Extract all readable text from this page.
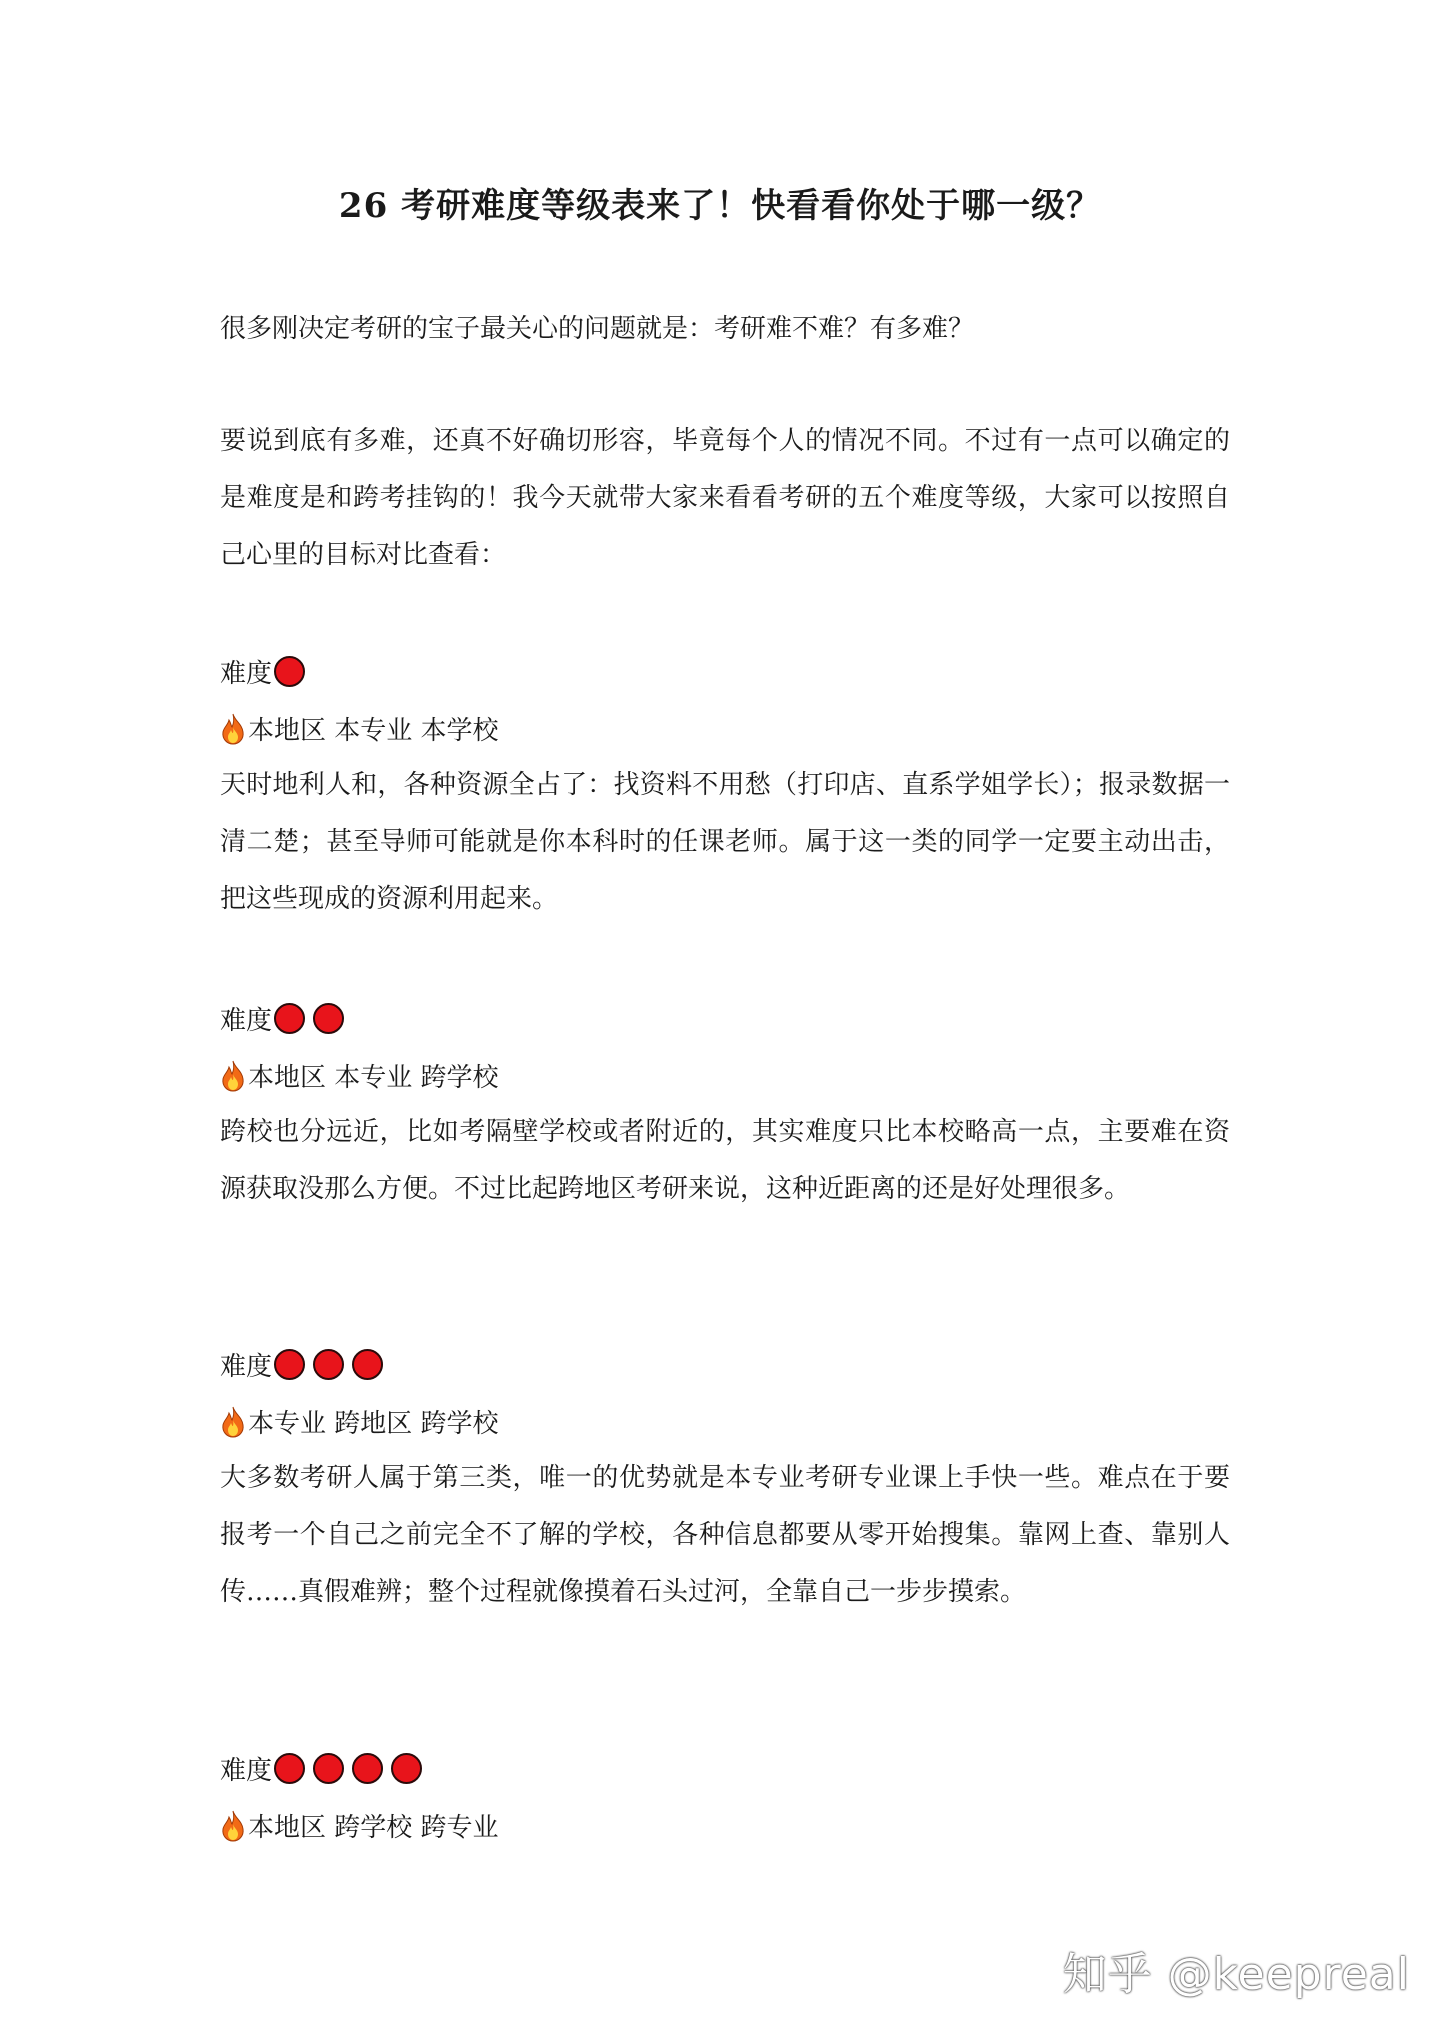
26 考研难度等级表来了！快看看你处于哪一级？

很多刚决定考研的宝子最关心的问题就是：考研难不难？有多难？

要说到底有多难，还真不好确切形容，毕竟每个人的情况不同。不过有一点可以确定的是难度是和跨考挂钩的！我今天就带大家来看看考研的五个难度等级，大家可以按照自己心里的目标对比查看：

难度
本地区 本专业 本学校

天时地利人和，各种资源全占了：找资料不用愁（打印店、直系学姐学长）；报录数据一清二楚；甚至导师可能就是你本科时的任课老师。属于这一类的同学一定要主动出击，把这些现成的资源利用起来。

难度
本地区 本专业 跨学校

跨校也分远近，比如考隔壁学校或者附近的，其实难度只比本校略高一点，主要难在资源获取没那么方便。不过比起跨地区考研来说，这种近距离的还是好处理很多。

难度
本专业 跨地区 跨学校

大多数考研人属于第三类，唯一的优势就是本专业考研专业课上手快一些。难点在于要报考一个自己之前完全不了解的学校，各种信息都要从零开始搜集。靠网上查、靠别人传……真假难辨；整个过程就像摸着石头过河，全靠自己一步步摸索。

难度
本地区 跨学校 跨专业

知乎 @keepreal
